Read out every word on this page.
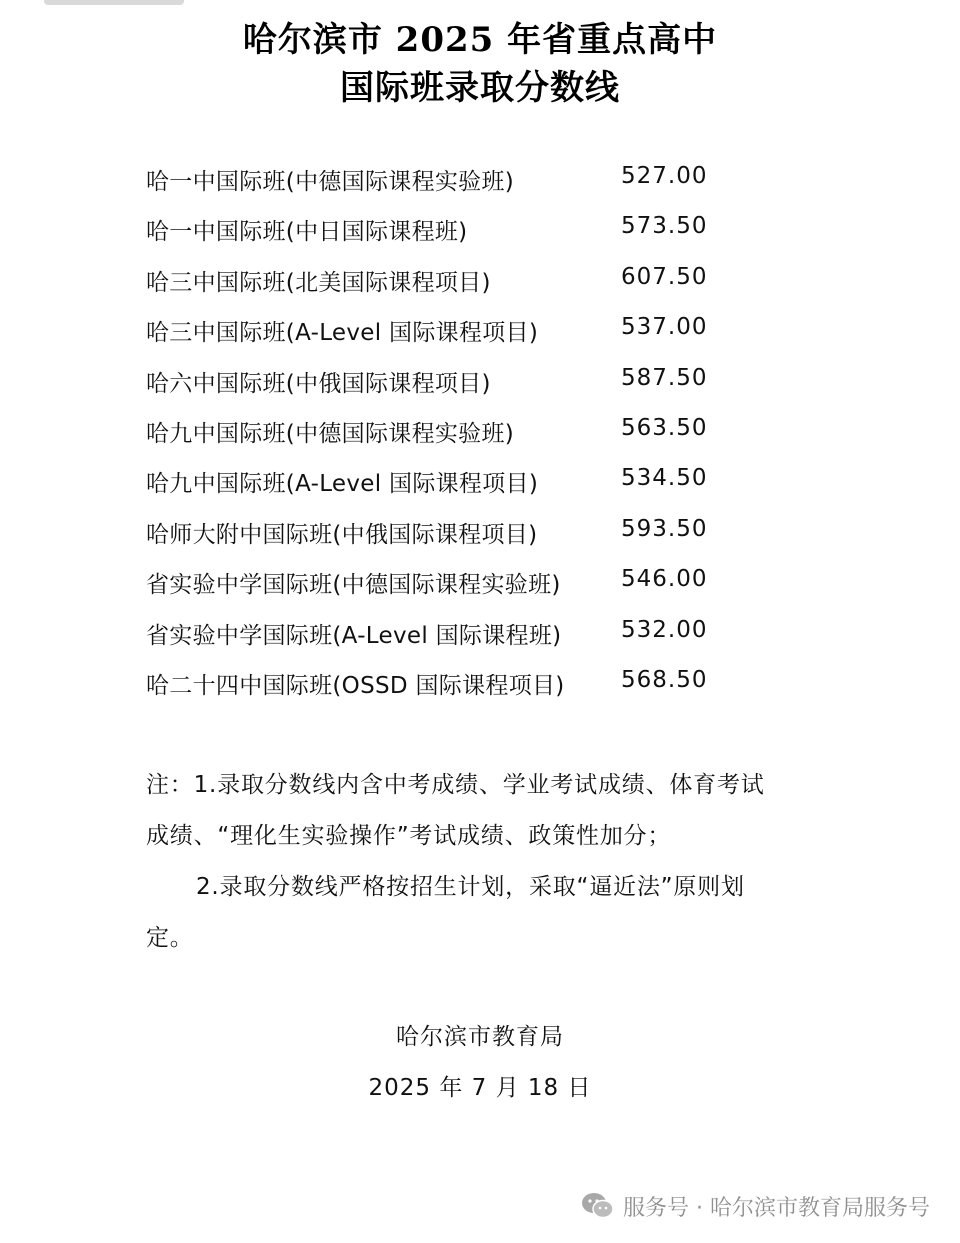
哈尔滨市 2025 年省重点高中
国际班录取分数线
哈一中国际班(中德国际课程实验班)	527.00
哈一中国际班(中日国际课程班)	573.50
哈三中国际班(北美国际课程项目)	607.50
哈三中国际班(A-Level 国际课程项目)	537.00
哈六中国际班(中俄国际课程项目)	587.50
哈九中国际班(中德国际课程实验班)	563.50
哈九中国际班(A-Level 国际课程项目)	534.50
哈师大附中国际班(中俄国际课程项目)	593.50
省实验中学国际班(中德国际课程实验班)	546.00
省实验中学国际班(A-Level 国际课程班)	532.00
哈二十四中国际班(OSSD 国际课程项目) 568.50
注：1.录取分数线内含中考成绩、学业考试成绩、体育考试
成绩、“理化生实验操作”考试成绩、政策性加分；
2.录取分数线严格按招生计划，采取“逼近法”原则划
定。
哈尔滨市教育局
2025 年 7 月 18 日
服务号 · 哈尔滨市教育局服务号
